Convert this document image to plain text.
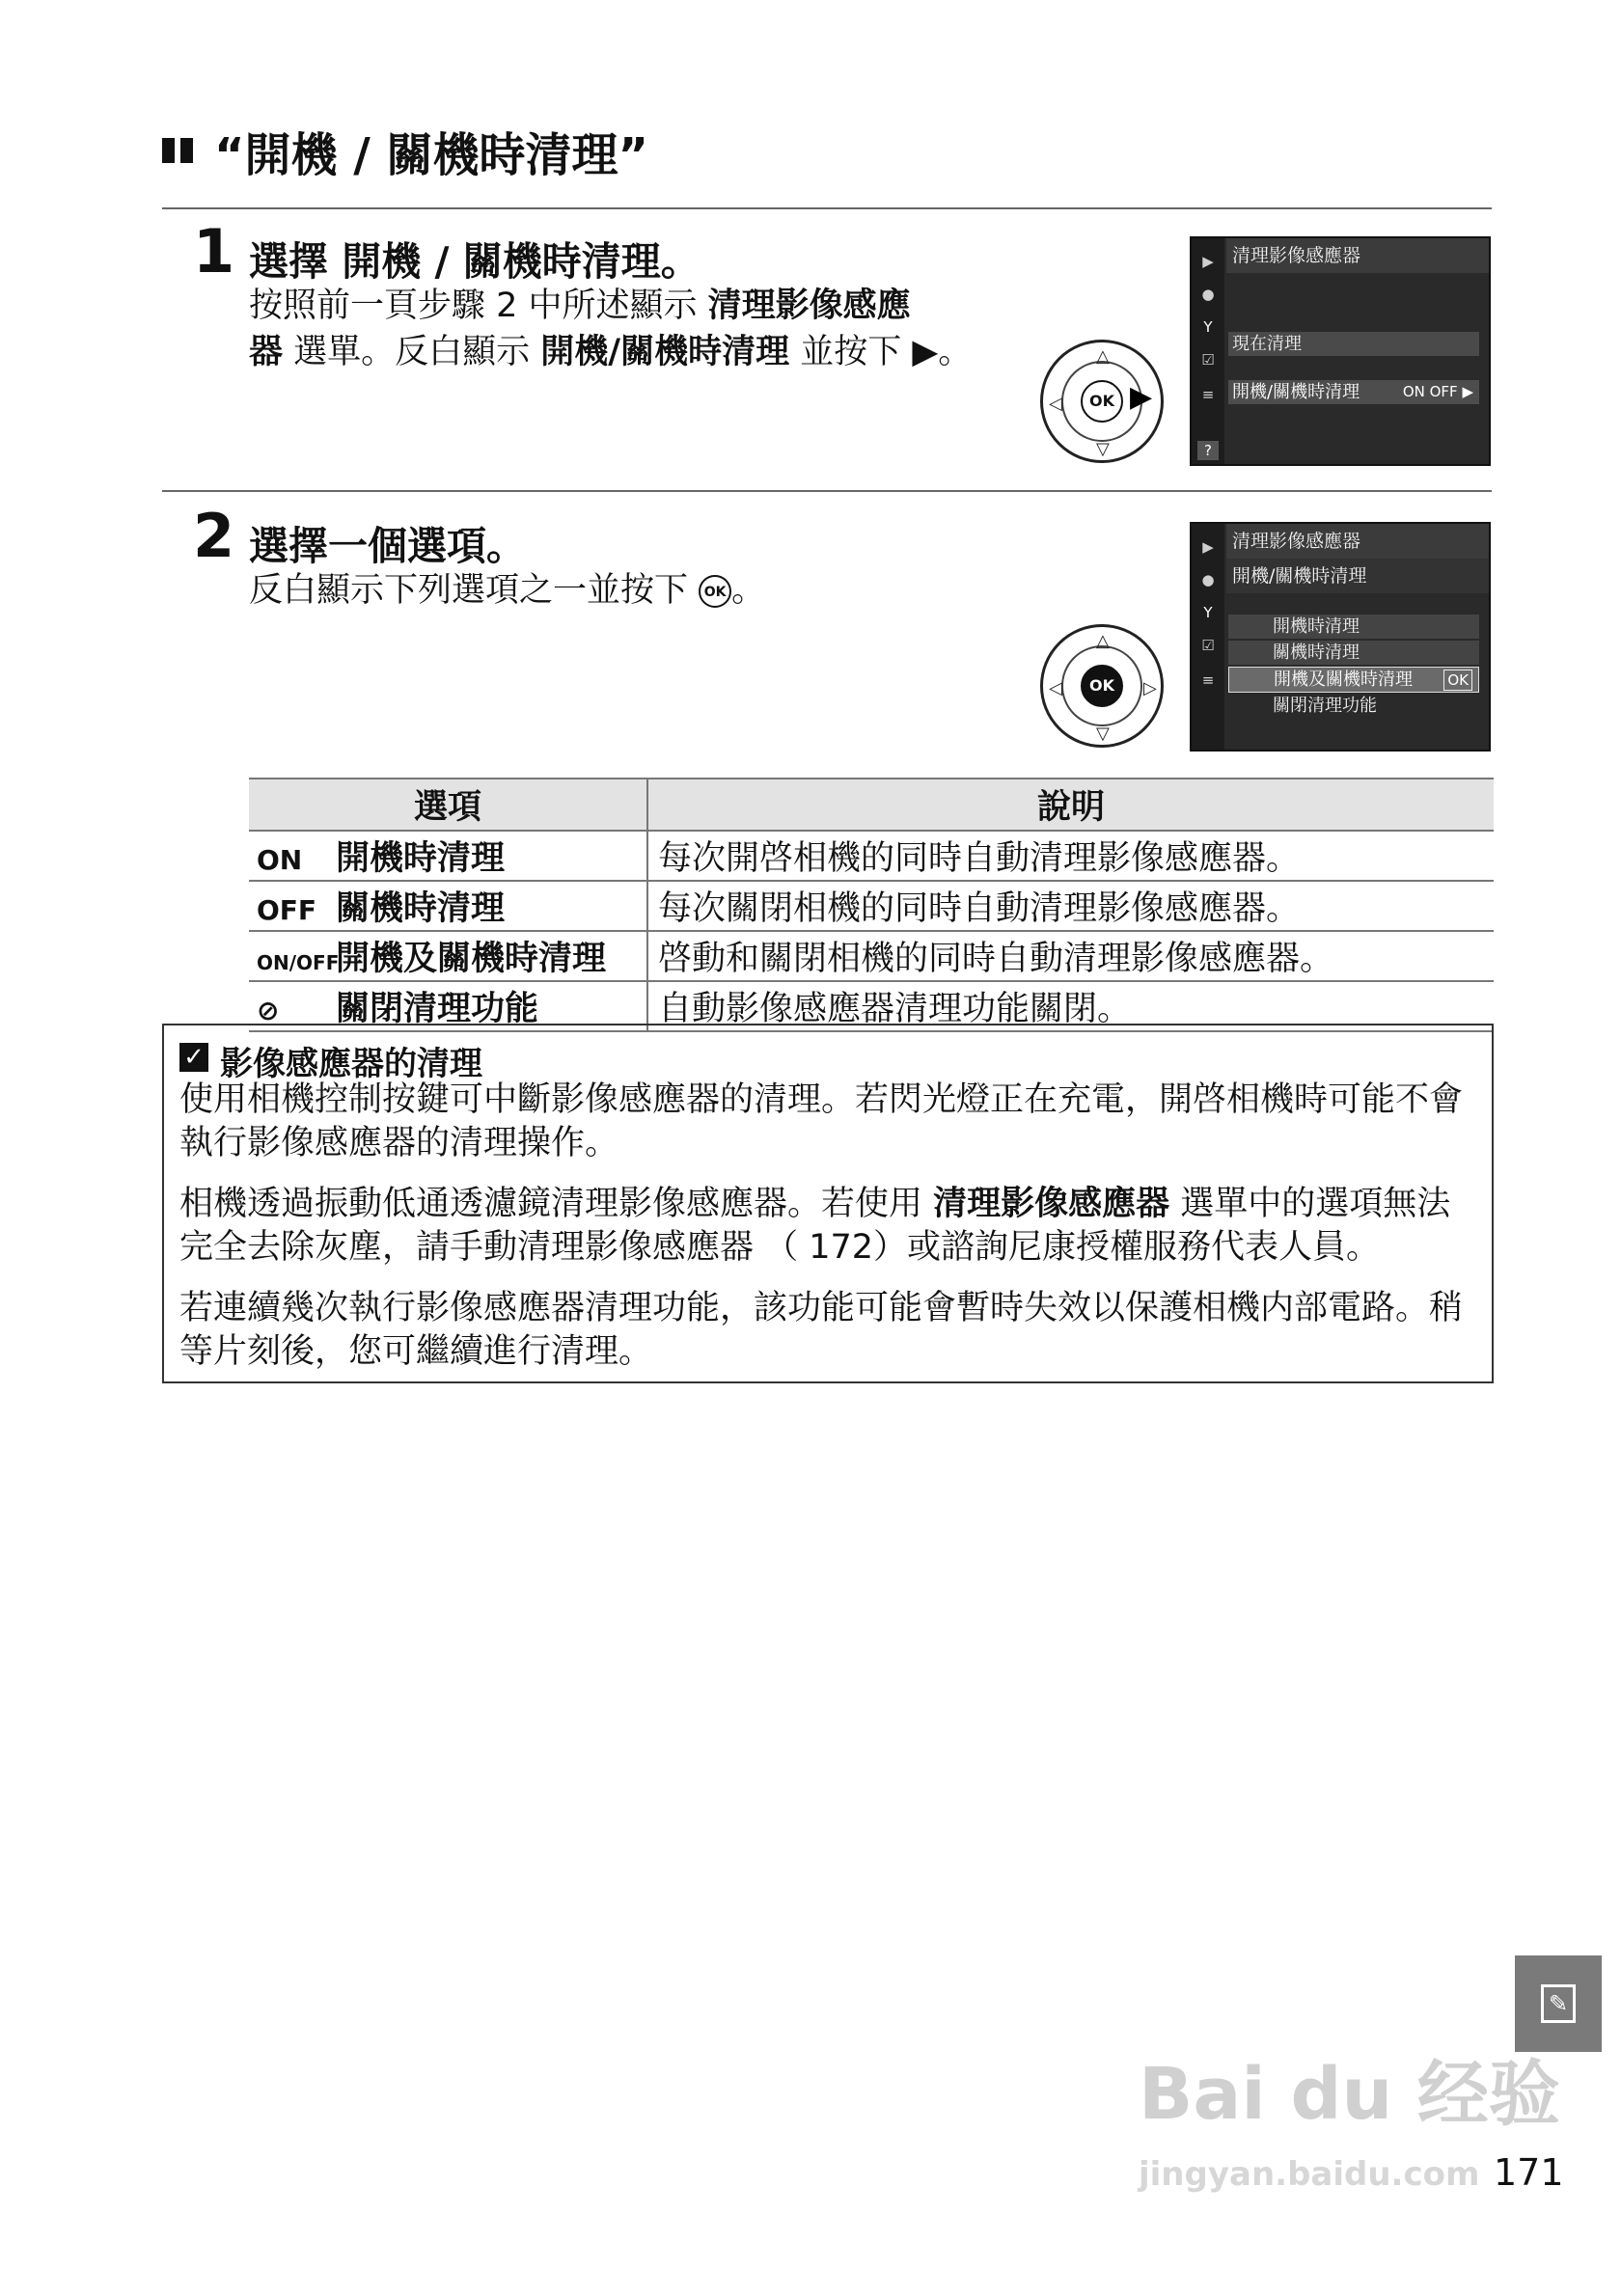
“開機 / 關機時清理”
1 選擇 開機 / 關機時清理。
按照前一頁步驟 2 中所述顯示 清理影像感應
器 選單。反白顯示 開機/關機時清理 並按下 ▶。
OK
△
▽
◁ ▶
▶
●
Y
☑
≡
?
清理影像感應器
現在清理
開機/關機時清理	ON OFF ▶
2 選擇一個選項。
反白顯示下列選項之一並按下 OK 。
OK
△
▽
◁	▷
▶
●
Y
☑
≡
清理影像感應器
開機/關機時清理
開機時清理
關機時清理
開機及關機時清理 OK
關閉清理功能
選項	說明
ON 開機時清理	每次開啓相機的同時自動清理影像感應器。
OFF 關機時清理	每次關閉相機的同時自動清理影像感應器。
ON/OFF開機及關機時清理	啓動和關閉相機的同時自動清理影像感應器。
⊘ 關閉清理功能	自動影像感應器清理功能關閉。
✓ 影像感應器的清理
使用相機控制按鍵可中斷影像感應器的清理。若閃光燈正在充電，開啓相機時可能不會
執行影像感應器的清理操作。
相機透過振動低通透濾鏡清理影像感應器。若使用 清理影像感應器 選單中的選項無法
完全去除灰塵，請手動清理影像感應器 （ 172）或諮詢尼康授權服務代表人員。
若連續幾次執行影像感應器清理功能，該功能可能會暫時失效以保護相機内部電路。稍
等片刻後，您可繼續進行清理。
✎
Bai du 经验
jingyan.baidu.com 171
